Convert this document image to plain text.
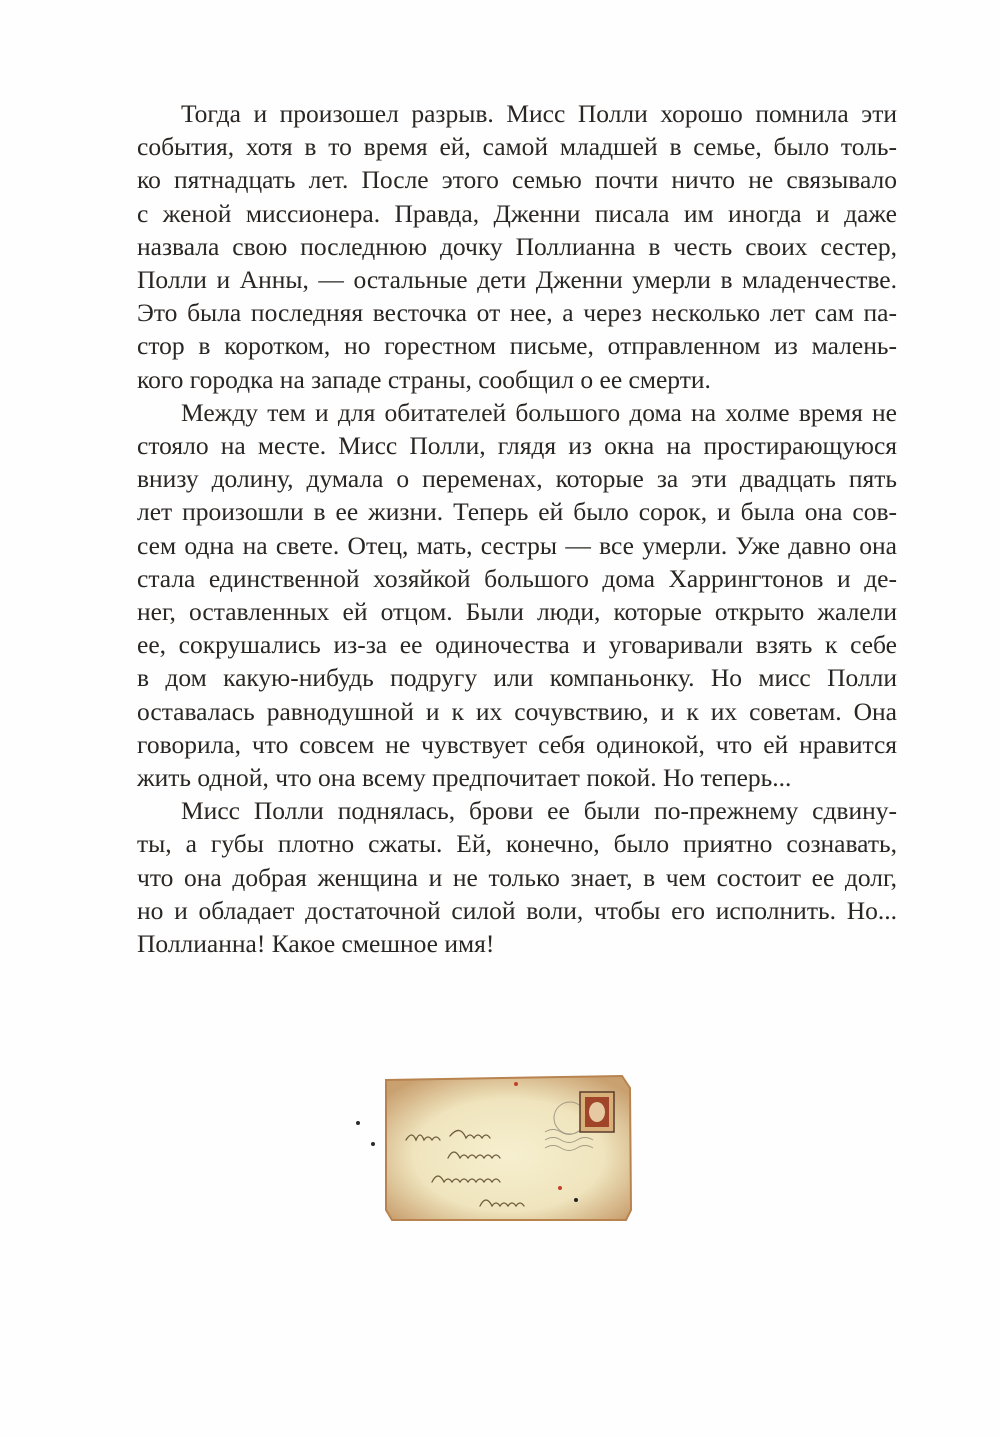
Тогда и произошел разрыв. Мисс Полли хорошо помнила эти
события, хотя в то время ей, самой младшей в семье, было толь-
ко пятнадцать лет. После этого семью почти ничто не связывало
с женой миссионера. Правда, Дженни писала им иногда и даже
назвала свою последнюю дочку Поллианна в честь своих сестер,
Полли и Анны, — остальные дети Дженни умерли в младенчестве.
Это была последняя весточка от нее, а через несколько лет сам па-
стор в коротком, но горестном письме, отправленном из малень-
кого городка на западе страны, сообщил о ее смерти.
Между тем и для обитателей большого дома на холме время не
стояло на месте. Мисс Полли, глядя из окна на простирающуюся
внизу долину, думала о переменах, которые за эти двадцать пять
лет произошли в ее жизни. Теперь ей было сорок, и была она сов-
сем одна на свете. Отец, мать, сестры — все умерли. Уже давно она
стала единственной хозяйкой большого дома Харрингтонов и де-
нег, оставленных ей отцом. Были люди, которые открыто жалели
ее, сокрушались из-за ее одиночества и уговаривали взять к себе
в дом какую-нибудь подругу или компаньонку. Но мисс Полли
оставалась равнодушной и к их сочувствию, и к их советам. Она
говорила, что совсем не чувствует себя одинокой, что ей нравится
жить одной, что она всему предпочитает покой. Но теперь...
Мисс Полли поднялась, брови ее были по-прежнему сдвину-
ты, а губы плотно сжаты. Ей, конечно, было приятно сознавать,
что она добрая женщина и не только знает, в чем состоит ее долг,
но и обладает достаточной силой воли, чтобы его исполнить. Но...
Поллианна! Какое смешное имя!
